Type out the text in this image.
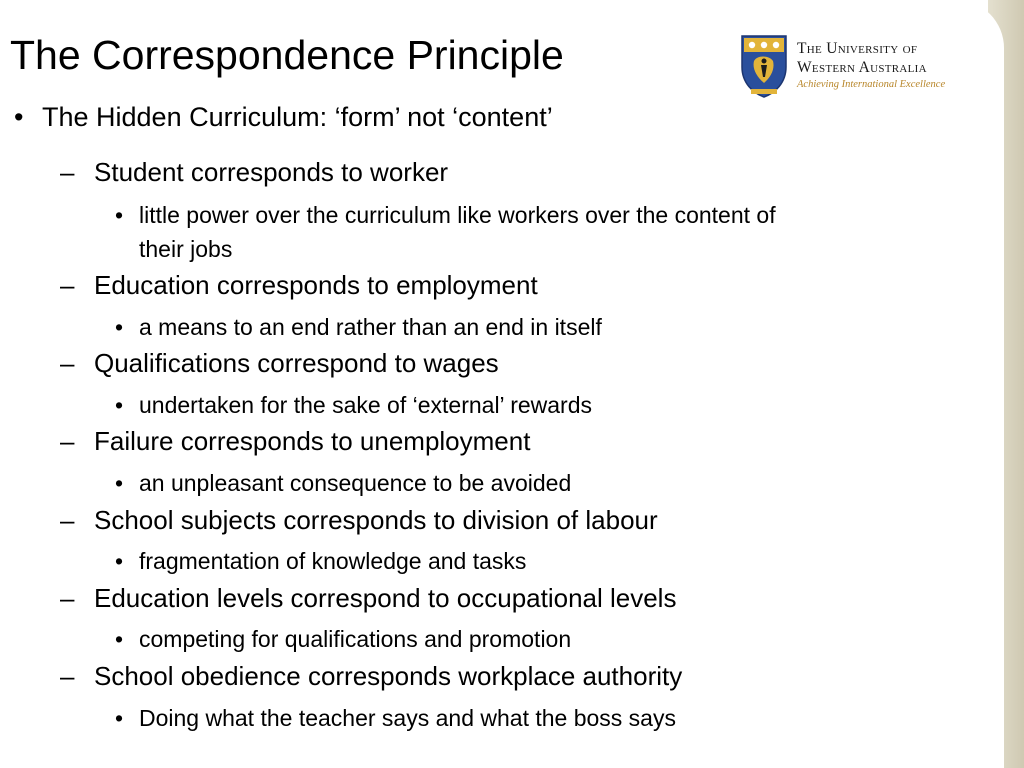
The Correspondence Principle	The University of
Western Australia
Achieving International Excellence
• The Hidden Curriculum: ‘form’ not ‘content’
– Student corresponds to worker
• little power over the curriculum like workers over the content of
their jobs
– Education corresponds to employment
• a means to an end rather than an end in itself
– Qualifications correspond to wages
• undertaken for the sake of ‘external’ rewards
– Failure corresponds to unemployment
• an unpleasant consequence to be avoided
– School subjects corresponds to division of labour
• fragmentation of knowledge and tasks
– Education levels correspond to occupational levels
• competing for qualifications and promotion
– School obedience corresponds workplace authority
• Doing what the teacher says and what the boss says
